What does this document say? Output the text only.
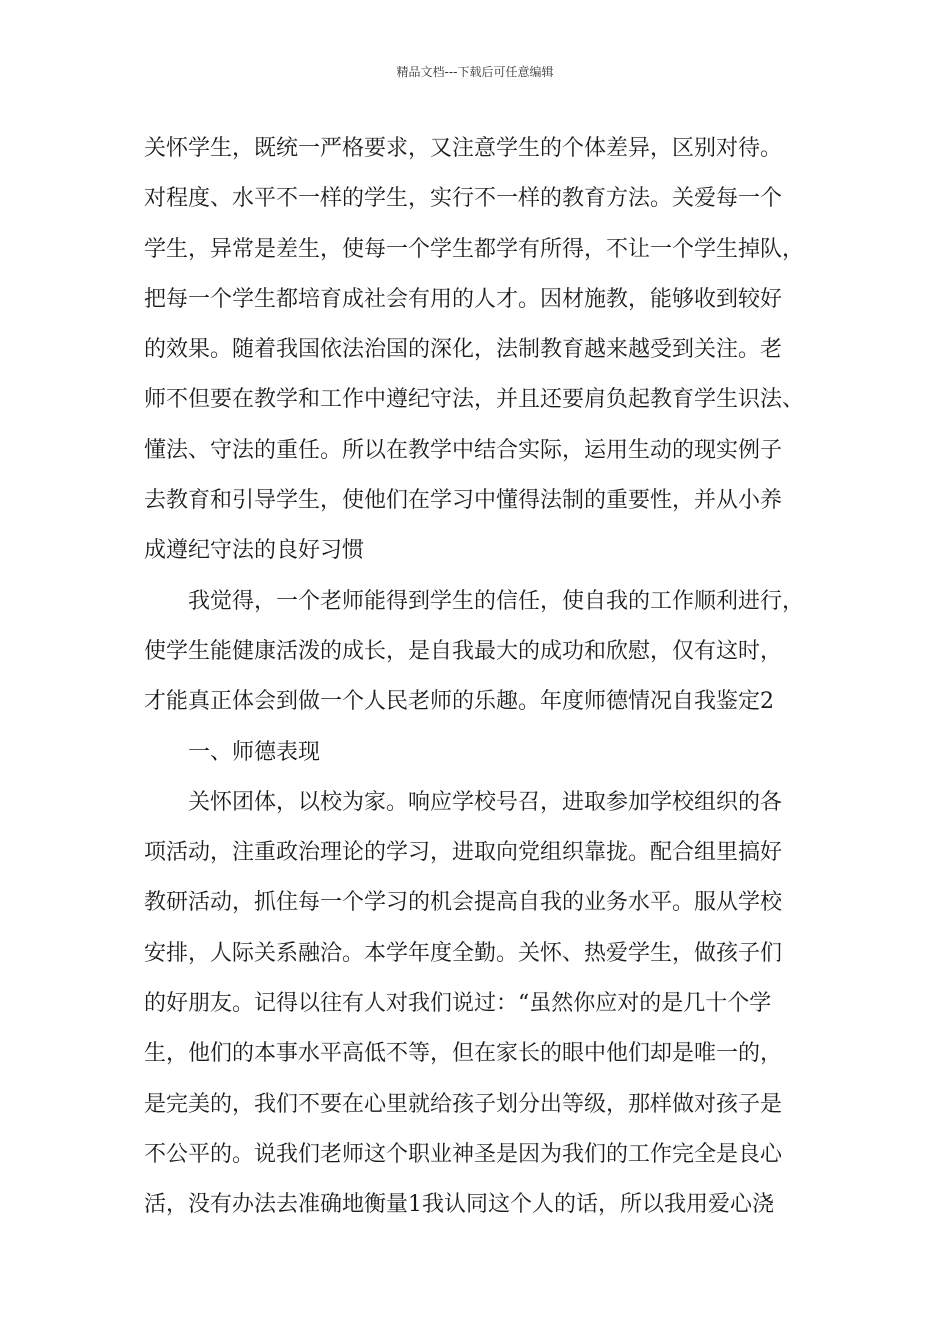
精品文档---下载后可任意编辑
关怀学生，既统一严格要求，又注意学生的个体差异，区别对待。
对程度、水平不一样的学生，实行不一样的教育方法。关爱每一个
学生，异常是差生，使每一个学生都学有所得，不让一个学生掉队，
把每一个学生都培育成社会有用的人才。因材施教，能够收到较好
的效果。随着我国依法治国的深化，法制教育越来越受到关注。老
师不但要在教学和工作中遵纪守法，并且还要肩负起教育学生识法、
懂法、守法的重任。所以在教学中结合实际，运用生动的现实例子
去教育和引导学生，使他们在学习中懂得法制的重要性，并从小养
成遵纪守法的良好习惯
　　我觉得，一个老师能得到学生的信任，使自我的工作顺利进行，
使学生能健康活泼的成长，是自我最大的成功和欣慰，仅有这时，
才能真正体会到做一个人民老师的乐趣。年度师德情况自我鉴定2
　　一、师德表现
　　关怀团体，以校为家。响应学校号召，进取参加学校组织的各
项活动，注重政治理论的学习，进取向党组织靠拢。配合组里搞好
教研活动，抓住每一个学习的机会提高自我的业务水平。服从学校
安排，人际关系融洽。本学年度全勤。关怀、热爱学生，做孩子们
的好朋友。记得以往有人对我们说过：“虽然你应对的是几十个学
生，他们的本事水平高低不等，但在家长的眼中他们却是唯一的，
是完美的，我们不要在心里就给孩子划分出等级，那样做对孩子是
不公平的。说我们老师这个职业神圣是因为我们的工作完全是良心
活，没有办法去准确地衡量1我认同这个人的话，所以我用爱心浇
